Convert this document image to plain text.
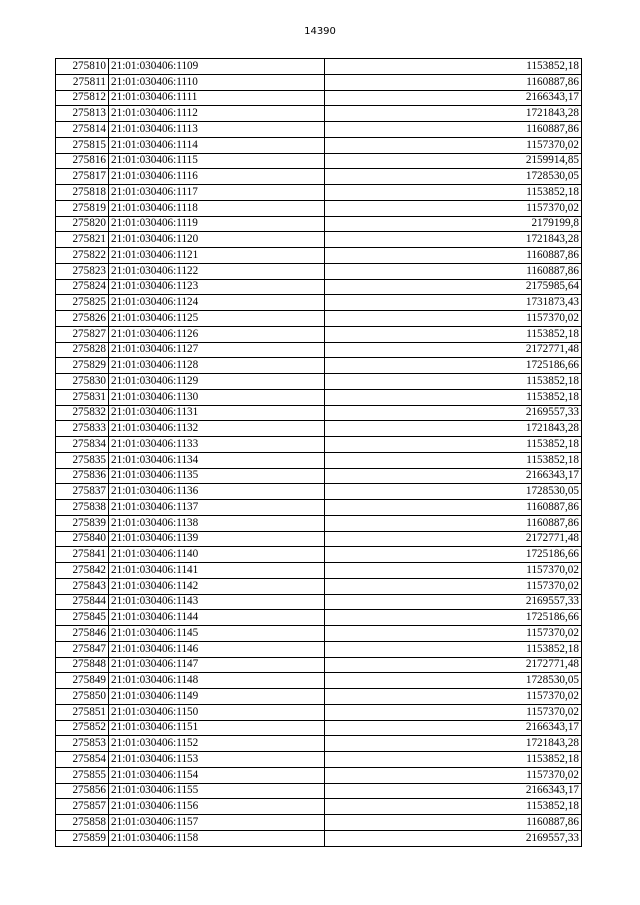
14390
275810	21:01:030406:1109	1153852,18
275811	21:01:030406:1110	1160887,86
275812	21:01:030406:1111	2166343,17
275813	21:01:030406:1112	1721843,28
275814	21:01:030406:1113	1160887,86
275815	21:01:030406:1114	1157370,02
275816	21:01:030406:1115	2159914,85
275817	21:01:030406:1116	1728530,05
275818	21:01:030406:1117	1153852,18
275819	21:01:030406:1118	1157370,02
275820	21:01:030406:1119	2179199,8
275821	21:01:030406:1120	1721843,28
275822	21:01:030406:1121	1160887,86
275823	21:01:030406:1122	1160887,86
275824	21:01:030406:1123	2175985,64
275825	21:01:030406:1124	1731873,43
275826	21:01:030406:1125	1157370,02
275827	21:01:030406:1126	1153852,18
275828	21:01:030406:1127	2172771,48
275829	21:01:030406:1128	1725186,66
275830	21:01:030406:1129	1153852,18
275831	21:01:030406:1130	1153852,18
275832	21:01:030406:1131	2169557,33
275833	21:01:030406:1132	1721843,28
275834	21:01:030406:1133	1153852,18
275835	21:01:030406:1134	1153852,18
275836	21:01:030406:1135	2166343,17
275837	21:01:030406:1136	1728530,05
275838	21:01:030406:1137	1160887,86
275839	21:01:030406:1138	1160887,86
275840	21:01:030406:1139	2172771,48
275841	21:01:030406:1140	1725186,66
275842	21:01:030406:1141	1157370,02
275843	21:01:030406:1142	1157370,02
275844	21:01:030406:1143	2169557,33
275845	21:01:030406:1144	1725186,66
275846	21:01:030406:1145	1157370,02
275847	21:01:030406:1146	1153852,18
275848	21:01:030406:1147	2172771,48
275849	21:01:030406:1148	1728530,05
275850	21:01:030406:1149	1157370,02
275851	21:01:030406:1150	1157370,02
275852	21:01:030406:1151	2166343,17
275853	21:01:030406:1152	1721843,28
275854	21:01:030406:1153	1153852,18
275855	21:01:030406:1154	1157370,02
275856	21:01:030406:1155	2166343,17
275857	21:01:030406:1156	1153852,18
275858	21:01:030406:1157	1160887,86
275859	21:01:030406:1158	2169557,33
